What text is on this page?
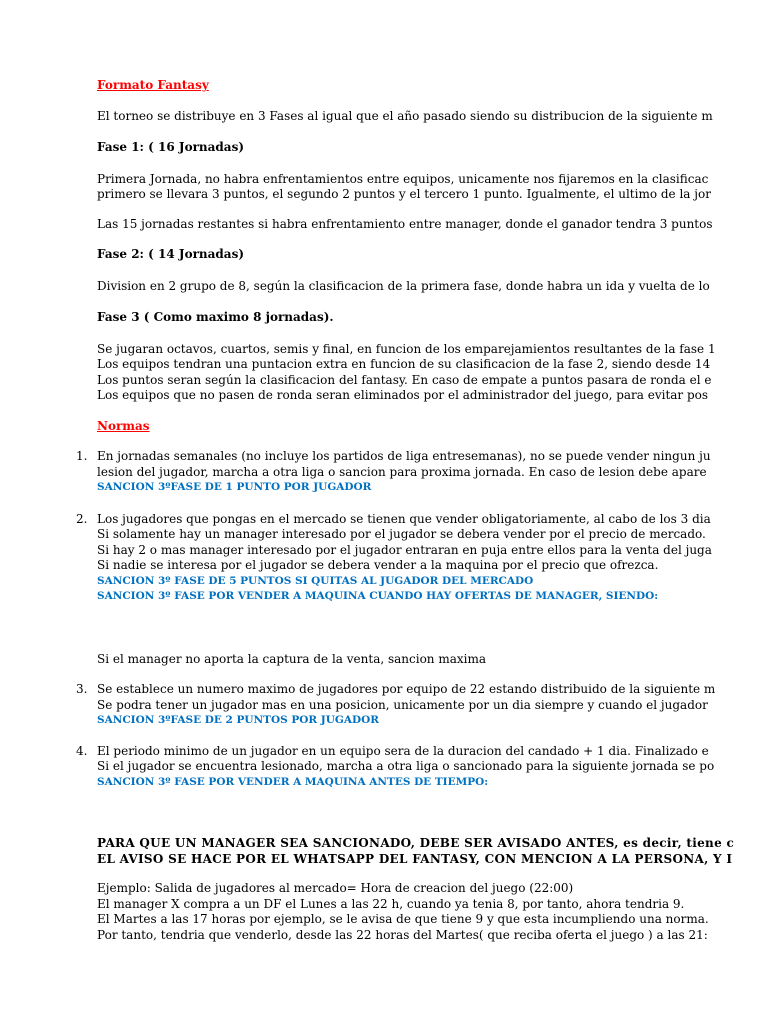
Formato Fantasy

El torneo se distribuye en 3 Fases al igual que el año pasado siendo su distribucion de la siguiente m

Fase 1: ( 16 Jornadas)

Primera Jornada, no habra enfrentamientos entre equipos, unicamente nos fijaremos en la clasificac

primero se llevara 3 puntos, el segundo 2 puntos y el tercero 1 punto. Igualmente, el ultimo de la jor

Las 15 jornadas restantes si habra enfrentamiento entre manager, donde el ganador tendra 3 puntos

Fase 2: ( 14 Jornadas)

Division en 2 grupo de 8, según la clasificacion de la primera fase, donde habra un ida y vuelta de lo

Fase 3 ( Como maximo 8 jornadas).

Se jugaran octavos, cuartos, semis y final, en funcion de los emparejamientos resultantes de la fase 1

Los equipos tendran una puntacion extra en funcion de su clasificacion de la fase 2, siendo desde 14

Los puntos seran según la clasificacion del fantasy. En caso de empate a puntos pasara de ronda el e

Los equipos que no pasen de ronda seran eliminados por el administrador del juego, para evitar pos

Normas

1. En jornadas semanales (no incluye los partidos de liga entresemanas), no se puede vender ningun ju

lesion del jugador, marcha a otra liga o sancion para proxima jornada. En caso de lesion debe apare

SANCION 3ºFASE DE 1 PUNTO POR JUGADOR

2. Los jugadores que pongas en el mercado se tienen que vender obligatoriamente, al cabo de los 3 dia

Si solamente hay un manager interesado por el jugador se debera vender por el precio de mercado.

Si hay 2 o mas manager interesado por el jugador entraran en puja entre ellos para la venta del juga

Si nadie se interesa por el jugador se debera vender a la maquina por el precio que ofrezca.

SANCION 3º FASE DE 5 PUNTOS SI QUITAS AL JUGADOR DEL MERCADO

SANCION 3º FASE POR VENDER A MAQUINA CUANDO HAY OFERTAS DE MANAGER, SIENDO:

Si el manager no aporta la captura de la venta, sancion maxima

3. Se establece un numero maximo de jugadores por equipo de 22 estando distribuido de la siguiente m

Se podra tener un jugador mas en una posicion, unicamente por un dia siempre y cuando el jugador

SANCION 3ºFASE DE 2 PUNTOS POR JUGADOR

4. El periodo minimo de un jugador en un equipo sera de la duracion del candado + 1 dia. Finalizado e

Si el jugador se encuentra lesionado, marcha a otra liga o sancionado para la siguiente jornada se po

SANCION 3º FASE POR VENDER A MAQUINA ANTES DE TIEMPO:

PARA QUE UN MANAGER SEA SANCIONADO, DEBE SER AVISADO ANTES, es decir, tiene c

EL AVISO SE HACE POR EL WHATSAPP DEL FANTASY, CON MENCION A LA PERSONA, Y I

Ejemplo: Salida de jugadores al mercado= Hora de creacion del juego (22:00)

El manager X compra a un DF el Lunes a las 22 h, cuando ya tenia 8, por tanto, ahora tendria 9.

El Martes a las 17 horas por ejemplo, se le avisa de que tiene 9 y que esta incumpliendo una norma.

Por tanto, tendria que venderlo, desde las 22 horas del Martes( que reciba oferta el juego ) a las 21:
